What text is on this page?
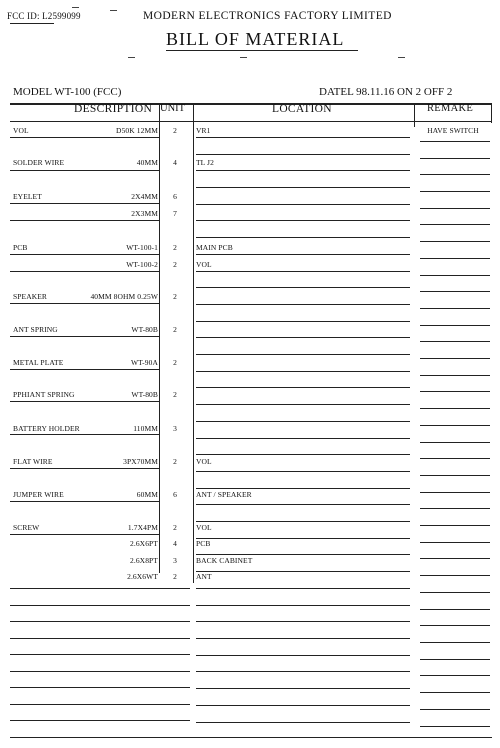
FCC ID: L2599099	MODERN ELECTRONICS FACTORY LIMITED
BILL OF MATERIAL
MODEL WT-100 (FCC)	DATEL 98.11.16 ON 2 OFF 2
DESCRIPTION UNIT	LOCATION	REMAKE
VOL	D50K 12MM	2	VR1	HAVE SWITCH
SOLDER WIRE	40MM	4	TL J2
EYELET	2X4MM	6
2X3MM	7
PCB	WT-100-1	2	MAIN PCB
WT-100-2	2	VOL
SPEAKER	40MM 8OHM 0.25W	2
ANT SPRING	WT-80B	2
METAL PLATE	WT-90A	2
PPHIANT SPRING	WT-80B	2
BATTERY HOLDER	110MM	3
FLAT WIRE	3PX70MM	2	VOL
JUMPER WIRE	60MM	6	ANT / SPEAKER
SCREW	1.7X4PM	2	VOL
2.6X6PT	4	PCB
2.6X8PT	3	BACK CABINET
2.6X6WT	2	ANT
